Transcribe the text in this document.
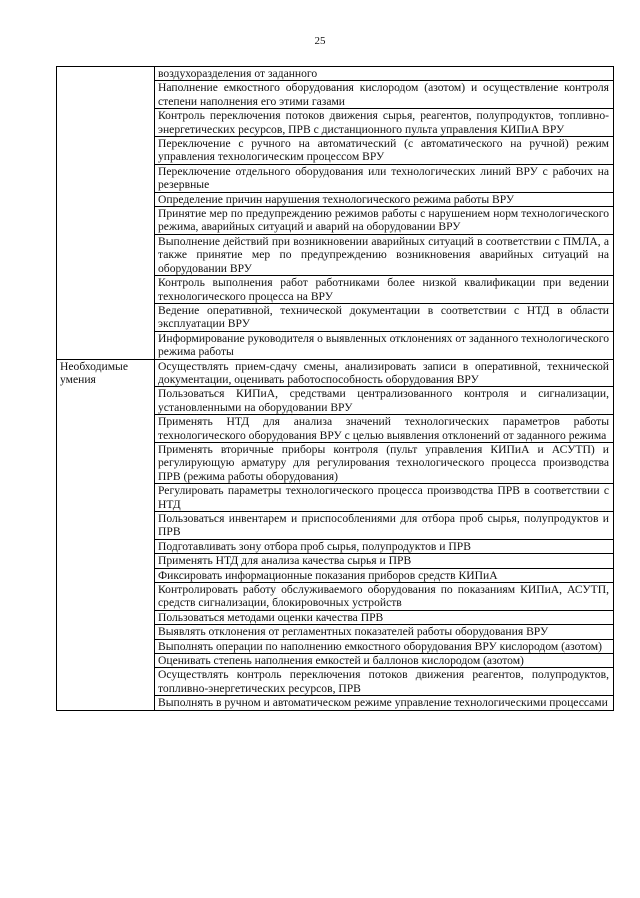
25
	воздухоразделения от заданного
	Наполнение емкостного оборудования кислородом (азотом) и осуществление контроля степени наполнения его этими газами
	Контроль переключения потоков движения сырья, реагентов, полупродуктов, топливно-энергетических ресурсов, ПРВ с дистанционного пульта управления КИПиА ВРУ
	Переключение с ручного на автоматический (с автоматического на ручной) режим управления технологическим процессом ВРУ
	Переключение отдельного оборудования или технологических линий ВРУ с рабочих на резервные
	Определение причин нарушения технологического режима работы ВРУ
	Принятие мер по предупреждению режимов работы с нарушением норм технологического режима, аварийных ситуаций и аварий на оборудовании ВРУ
	Выполнение действий при возникновении аварийных ситуаций в соответствии с ПМЛА, а также принятие мер по предупреждению возникновения аварийных ситуаций на оборудовании ВРУ
	Контроль выполнения работ работниками более низкой квалификации при ведении технологического процесса на ВРУ
	Ведение оперативной, технической документации в соответствии с НТД в области эксплуатации ВРУ
	Информирование руководителя о выявленных отклонениях от заданного технологического режима работы
Необходимые умения	Осуществлять прием-сдачу смены, анализировать записи в оперативной, технической документации, оценивать работоспособность оборудования ВРУ
	Пользоваться КИПиА, средствами централизованного контроля и сигнализации, установленными на оборудовании ВРУ
	Применять НТД для анализа значений технологических параметров работы технологического оборудования ВРУ с целью выявления отклонений от заданного режима
	Применять вторичные приборы контроля (пульт управления КИПиА и АСУТП) и регулирующую арматуру для регулирования технологического процесса производства ПРВ (режима работы оборудования)
	Регулировать параметры технологического процесса производства ПРВ в соответствии с НТД
	Пользоваться инвентарем и приспособлениями для отбора проб сырья, полупродуктов и ПРВ
	Подготавливать зону отбора проб сырья, полупродуктов и ПРВ
	Применять НТД для анализа качества сырья и ПРВ
	Фиксировать информационные показания приборов средств КИПиА
	Контролировать работу обслуживаемого оборудования по показаниям КИПиА, АСУТП, средств сигнализации, блокировочных устройств
	Пользоваться методами оценки качества ПРВ
	Выявлять отклонения от регламентных показателей работы оборудования ВРУ
	Выполнять операции по наполнению емкостного оборудования ВРУ кислородом (азотом)
	Оценивать степень наполнения емкостей и баллонов кислородом (азотом)
	Осуществлять контроль переключения потоков движения реагентов, полупродуктов, топливно-энергетических ресурсов, ПРВ
	Выполнять в ручном и автоматическом режиме управление технологическими процессами
